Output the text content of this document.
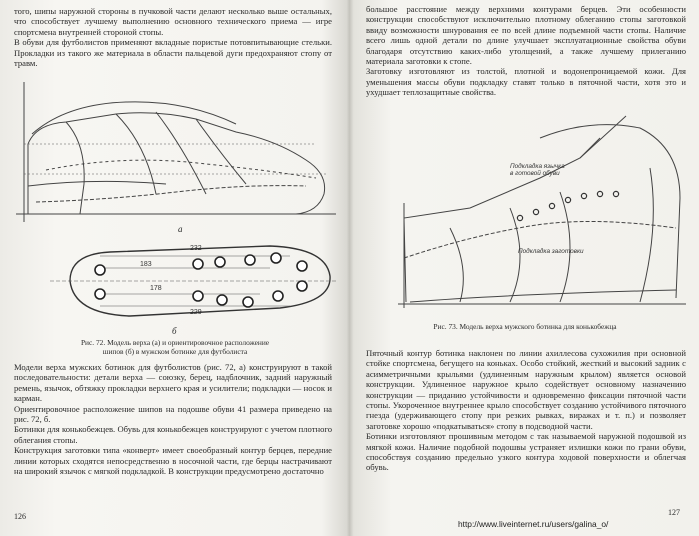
того, шипы наружной стороны в пучковой части делают несколько выше остальных, что способствует лучшему выполнению основного технического приема — игре спортсмена внутренней стороной стопы.
В обуви для футболистов применяют вкладные пористые потовпитывающие стельки. Прокладки из такого же материала в области пальцевой дуги предохраняют стопу от травм.
а
232
183
178
229
б
Рис. 72. Модель верха (а) и ориентировочное расположение
шипов (б) в мужском ботинке для футболиста
Модели верха мужских ботинок для футболистов (рис. 72, а) конструируют в такой последовательности: детали верха — союзку, берец, надблочник, задний наружный ремень, язычок, обтяжку прокладки верхнего края и усилители; подкладки — носок и карман.
Ориентировочное расположение шипов на подошве обуви 41 размера приведено на рис. 72, б.
Ботинки для конькобежцев. Обувь для конькобежцев конструируют с учетом плотного облегания стопы.
Конструкция заготовки типа «конверт» имеет своеобразный контур берцев, передние линии которых сходятся непосредственно в носочной части, где берцы настрачивают на широкий язычок с мягкой подкладкой. В конструкции предусмотрено достаточно
126
большое расстояние между верхними контурами берцев. Эти особенности конструкции способствуют исключительно плотному облеганию стопы заготовкой ввиду возможности шнурования ее по всей длине подъемной части стопы. Наличие всего лишь одной детали по длине улучшает эксплуатационные свойства обуви благодаря отсутствию каких-либо утолщений, а также лучшему прилеганию материала заготовки к стопе.
Заготовку изготовляют из толстой, плотной и водонепроницаемой кожи. Для уменьшения массы обуви подкладку ставят только в пяточной части, хотя это и ухудшает теплозащитные свойства.
Подкладка язычка в готовой обуви
Подкладка заготовки
Рис. 73. Модель верха мужского ботинка для конькобежца
Пяточный контур ботинка наклонен по линии ахиллесова сухожилия при основной стойке спортсмена, бегущего на коньках. Особо стойкий, жесткий и высокий задник с асимметричными крыльями (удлиненным наружным крылом) является основой конструкции. Удлиненное наружное крыло содействует основному назначению конструкции — приданию устойчивости и одновременно фиксации пяточной части стопы. Укороченное внутреннее крыло способствует созданию устойчивого пяточного гнезда (удерживающего стопу при резких рывках, виражах и т. п.) и позволяет заготовке хорошо «подкатываться» стопу в подсводной части.
Ботинки изготовляют прошивным методом с так называемой наружной подошвой из мягкой кожи. Наличие подобной подошвы устраняет излишки кожи по грани обуви, способствуя созданию предельно узкого контура ходовой поверхности и облегчая обувь.
127
http://www.liveinternet.ru/users/galina_o/
